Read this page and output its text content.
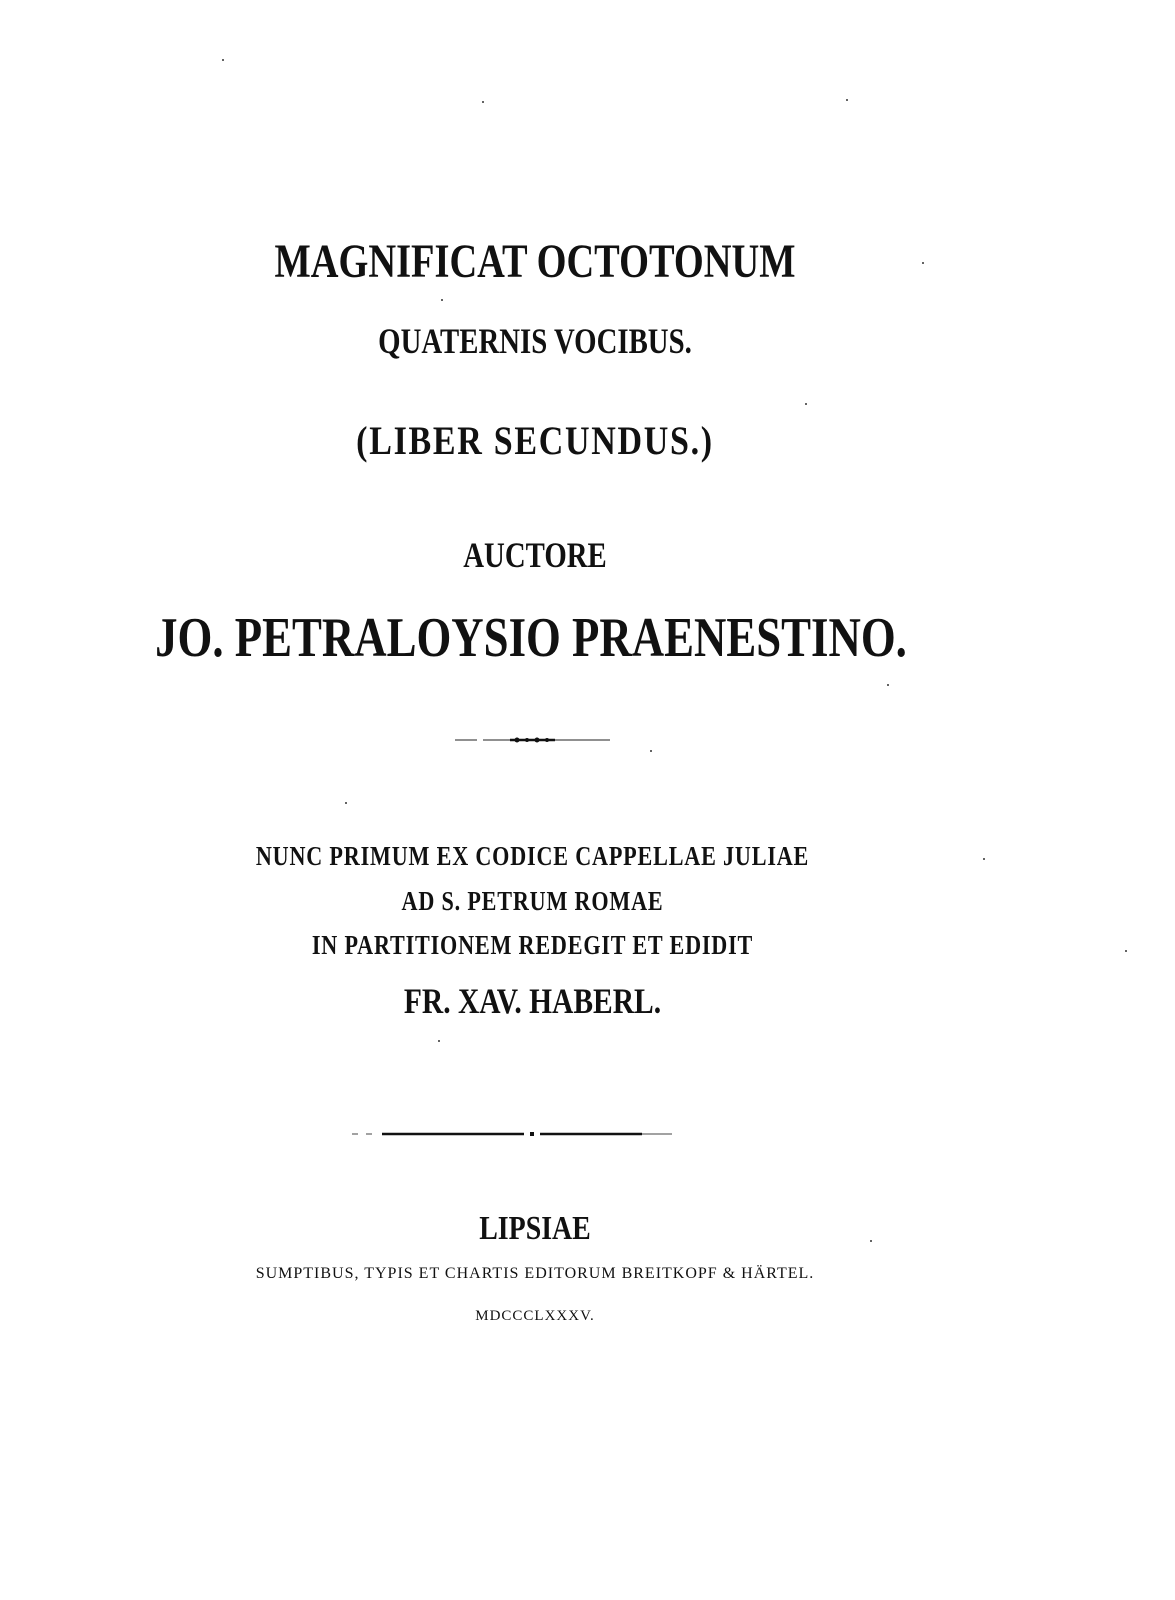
MAGNIFICAT OCTOTONUM
QUATERNIS VOCIBUS.
(LIBER SECUNDUS.)
AUCTORE
JO. PETRALOYSIO PRAENESTINO.
NUNC PRIMUM EX CODICE CAPPELLAE JULIAE
AD S. PETRUM ROMAE
IN PARTITIONEM REDEGIT ET EDIDIT
FR. XAV. HABERL.
LIPSIAE
SUMPTIBUS, TYPIS ET CHARTIS EDITORUM BREITKOPF & HÄRTEL.
MDCCCLXXXV.
